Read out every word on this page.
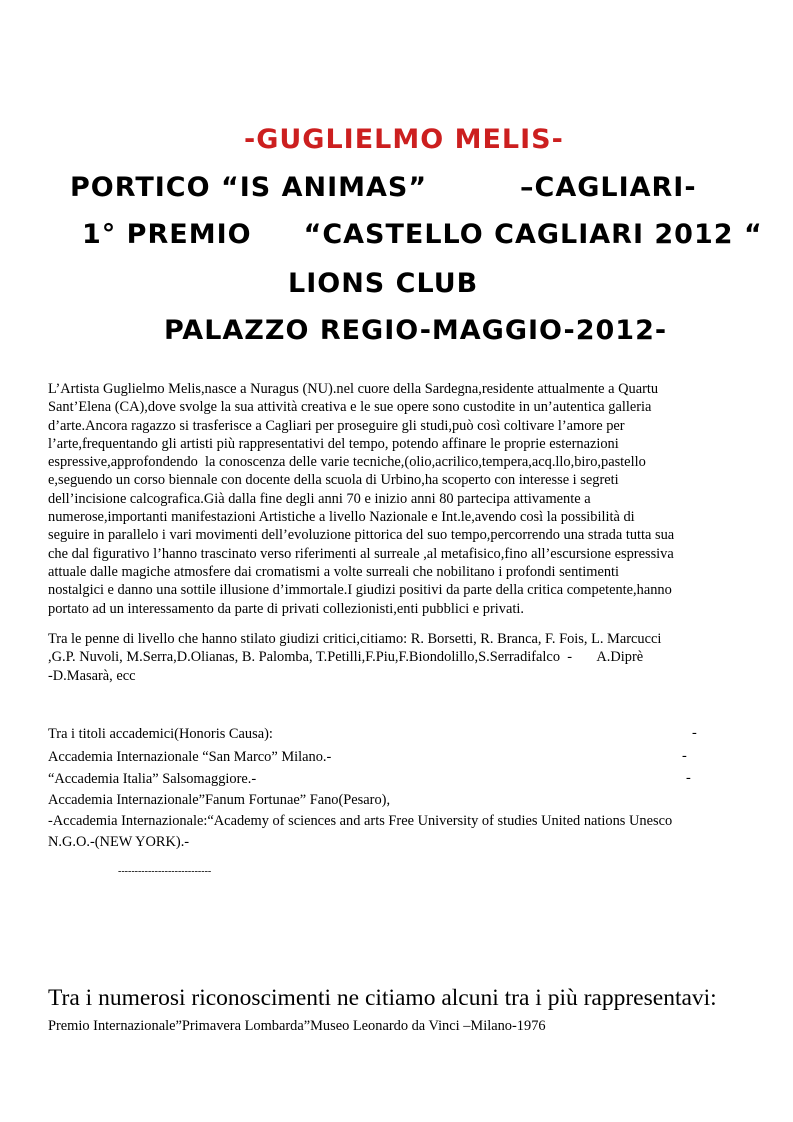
-GUGLIELMO MELIS-
PORTICO “IS ANIMAS”	–CAGLIARI-
1° PREMIO     “CASTELLO CAGLIARI 2012 “
LIONS CLUB
PALAZZO REGIO-MAGGIO-2012-
L’Artista Guglielmo Melis,nasce a Nuragus (NU).nel cuore della Sardegna,residente attualmente a Quartu
Sant’Elena (CA),dove svolge la sua attività creativa e le sue opere sono custodite in un’autentica galleria
d’arte.Ancora ragazzo si trasferisce a Cagliari per proseguire gli studi,può così coltivare l’amore per
l’arte,frequentando gli artisti più rappresentativi del tempo, potendo affinare le proprie esternazioni
espressive,approfondendo  la conoscenza delle varie tecniche,(olio,acrilico,tempera,acq.llo,biro,pastello
e,seguendo un corso biennale con docente della scuola di Urbino,ha scoperto con interesse i segreti
dell’incisione calcografica.Già dalla fine degli anni 70 e inizio anni 80 partecipa attivamente a
numerose,importanti manifestazioni Artistiche a livello Nazionale e Int.le,avendo così la possibilità di
seguire in parallelo i vari movimenti dell’evoluzione pittorica del suo tempo,percorrendo una strada tutta sua
che dal figurativo l’hanno trascinato verso riferimenti al surreale ,al metafisico,fino all’escursione espressiva
attuale dalle magiche atmosfere dai cromatismi a volte surreali che nobilitano i profondi sentimenti
nostalgici e danno una sottile illusione d’immortale.I giudizi positivi da parte della critica competente,hanno
portato ad un interessamento da parte di privati collezionisti,enti pubblici e privati.
Tra le penne di livello che hanno stilato giudizi critici,citiamo: R. Borsetti, R. Branca, F. Fois, L. Marcucci
,G.P. Nuvoli, M.Serra,D.Olianas, B. Palomba, T.Petilli,F.Piu,F.Biondolillo,S.Serradifalco  -       A.Diprè
-D.Masarà, ecc
Tra i titoli accademici(Honoris Causa):	-
Accademia Internazionale “San Marco” Milano.-	-
“Accademia Italia” Salsomaggiore.-	-
Accademia Internazionale”Fanum Fortunae” Fano(Pesaro),
-Accademia Internazionale:“Academy of sciences and arts Free University of studies United nations Unesco
N.G.O.-(NEW YORK).-
----------------------------
Tra i numerosi riconoscimenti ne citiamo alcuni tra i più rappresentavi:
Premio Internazionale”Primavera Lombarda”Museo Leonardo da Vinci –Milano-1976
